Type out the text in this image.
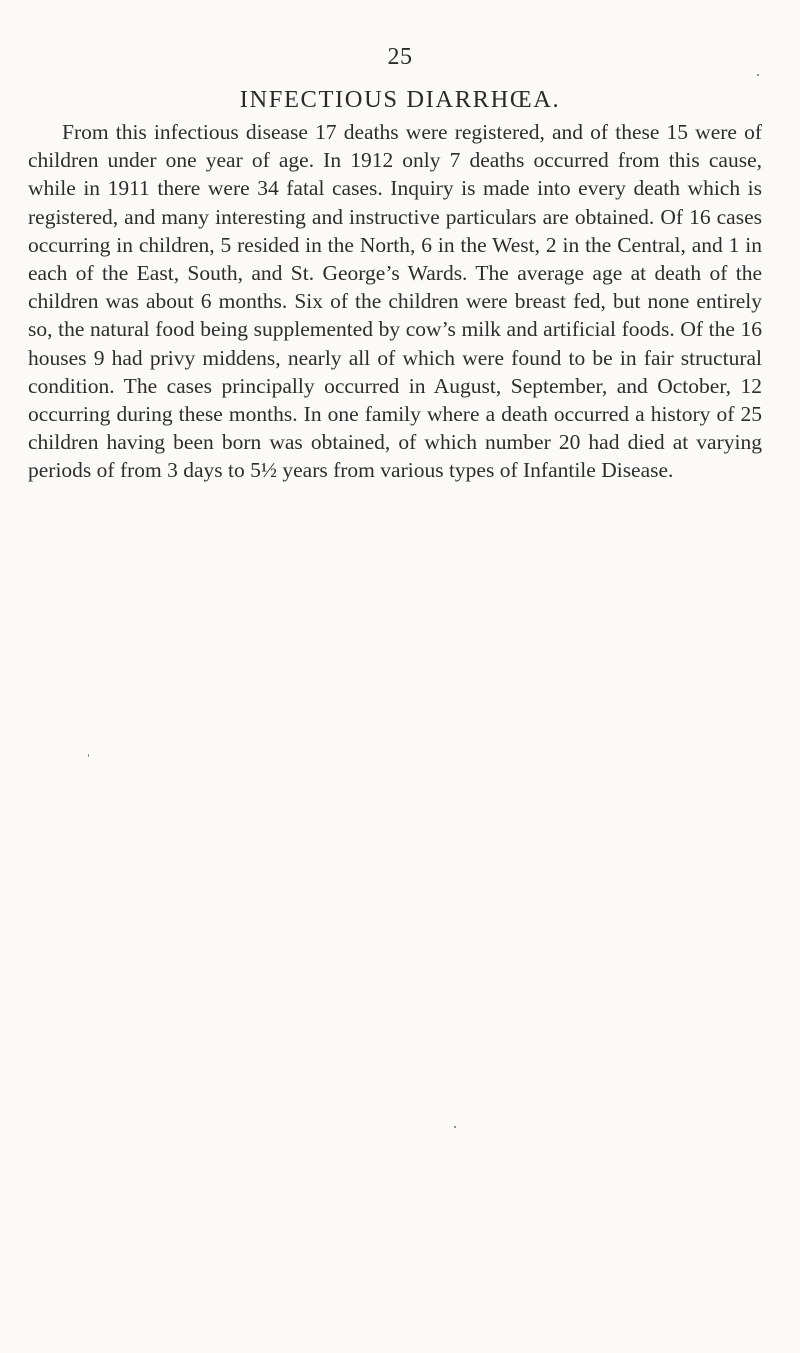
25
INFECTIOUS DIARRHŒA.

From this infectious disease 17 deaths were registered, and of these 15 were of children under one year of age. In 1912 only 7 deaths occurred from this cause, while in 1911 there were 34 fatal cases. Inquiry is made into every death which is registered, and many interesting and instructive particulars are obtained. Of 16 cases occurring in children, 5 resided in the North, 6 in the West, 2 in the Central, and 1 in each of the East, South, and St. George’s Wards. The average age at death of the children was about 6 months. Six of the children were breast fed, but none entirely so, the natural food being supplemented by cow’s milk and artificial foods. Of the 16 houses 9 had privy middens, nearly all of which were found to be in fair structural condition. The cases principally occurred in August, September, and October, 12 occurring during these months. In one family where a death occurred a history of 25 children having been born was obtained, of which number 20 had died at varying periods of from 3 days to 5½ years from various types of Infantile Disease.
